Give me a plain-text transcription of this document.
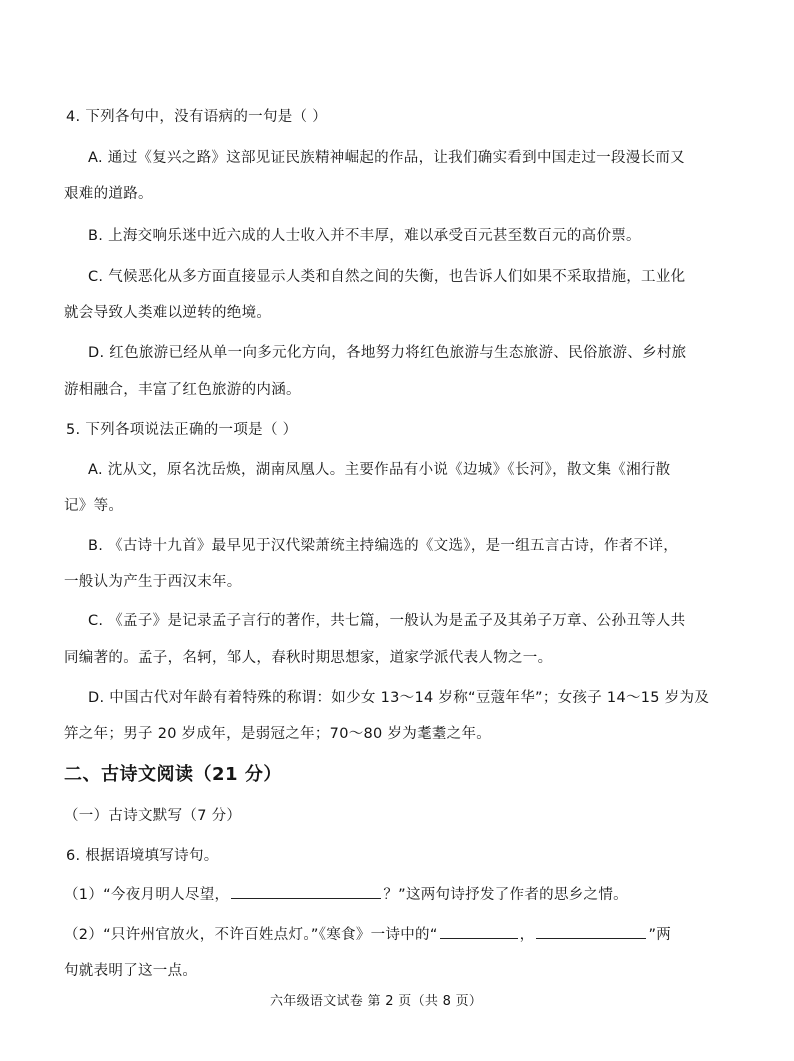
4. 下列各句中，没有语病的一句是（ ）
A. 通过《复兴之路》这部见证民族精神崛起的作品，让我们确实看到中国走过一段漫长而又
艰难的道路。
B. 上海交响乐迷中近六成的人士收入并不丰厚，难以承受百元甚至数百元的高价票。
C. 气候恶化从多方面直接显示人类和自然之间的失衡，也告诉人们如果不采取措施，工业化
就会导致人类难以逆转的绝境。
D. 红色旅游已经从单一向多元化方向，各地努力将红色旅游与生态旅游、民俗旅游、乡村旅
游相融合，丰富了红色旅游的内涵。
5. 下列各项说法正确的一项是（ ）
A. 沈从文，原名沈岳焕，湖南凤凰人。主要作品有小说《边城》《长河》，散文集《湘行散
记》等。
B. 《古诗十九首》最早见于汉代梁萧统主持编选的《文选》，是一组五言古诗，作者不详，
一般认为产生于西汉末年。
C. 《孟子》是记录孟子言行的著作，共七篇，一般认为是孟子及其弟子万章、公孙丑等人共
同编著的。孟子，名轲，邹人，春秋时期思想家，道家学派代表人物之一。
D. 中国古代对年龄有着特殊的称谓：如少女 13～14 岁称“豆蔻年华”；女孩子 14～15 岁为及
笄之年；男子 20 岁成年，是弱冠之年；70～80 岁为耄耋之年。
二、古诗文阅读（21 分）
（一）古诗文默写（7 分）
6. 根据语境填写诗句。
（1）“今夜月明人尽望，	？”这两句诗抒发了作者的思乡之情。
（2）“只许州官放火，不许百姓点灯。”《寒食》一诗中的“	，	”两
句就表明了这一点。
六年级语文试卷 第 2 页（共 8 页）
